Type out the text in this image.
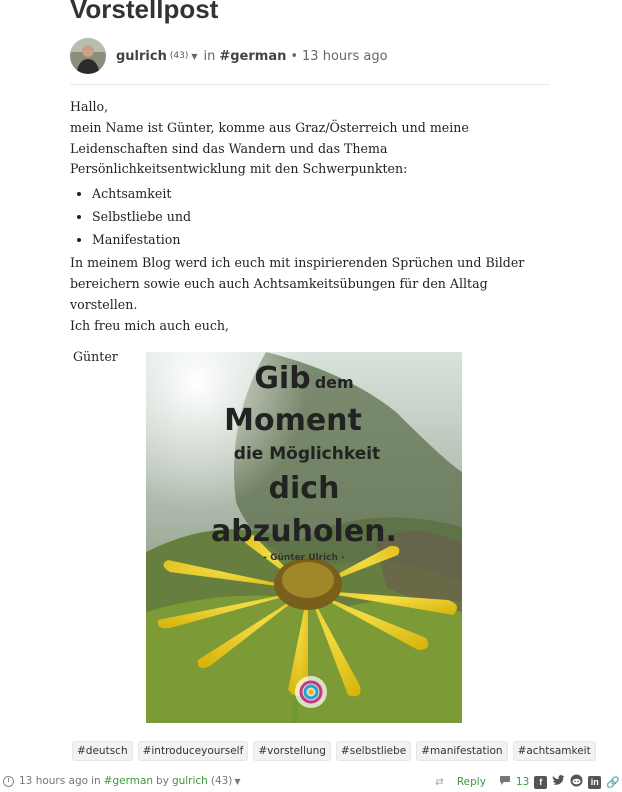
Vorstellpost
gulrich (43) ▼ in #german • 13 hours ago

Hallo,

mein Name ist Günter, komme aus Graz/Österreich und meine Leidenschaften sind das Wandern und das Thema Persönlichkeitsentwicklung mit den Schwerpunkten:

• Achtsamkeit
• Selbstliebe und
• Manifestation

In meinem Blog werd ich euch mit inspirierenden Sprüchen und Bilder bereichern sowie euch auch Achtsamkeitsübungen für den Alltag vorstellen.

Ich freu mich auch euch,

Günter
Gib dem
Moment
die Möglichkeit
dich
abzuholen.
- Günter Ulrich -
#deutsch	#introduceyourself	#vorstellung	#selbstliebe	#manifestation	#achtsamkeit
13 hours ago in #german by gulrich (43) ▼	⇄ Reply	13	f	in 🔗
